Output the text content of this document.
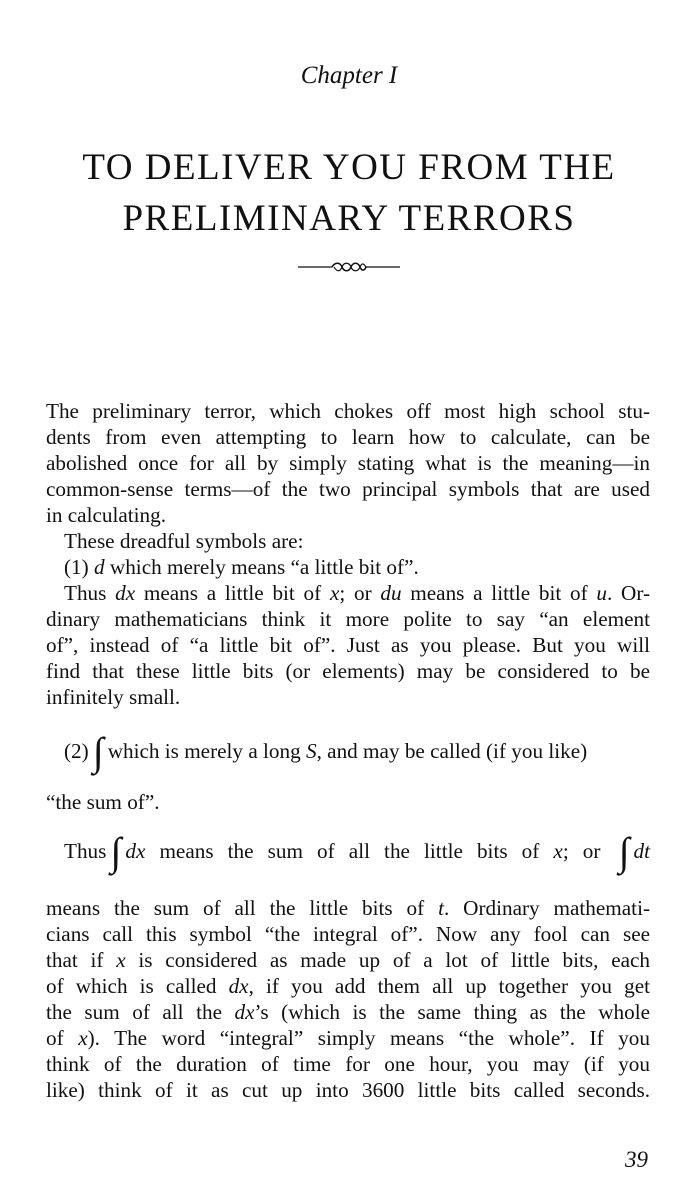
Chapter I
TO DELIVER YOU FROM THE
PRELIMINARY TERRORS
The preliminary terror, which chokes off most high school stu-
dents from even attempting to learn how to calculate, can be
abolished once for all by simply stating what is the meaning—in
common-sense terms—of the two principal symbols that are used
in calculating.
These dreadful symbols are:
(1) d which merely means “a little bit of”.
Thus dx means a little bit of x; or du means a little bit of u. Or-
dinary mathematicians think it more polite to say “an element
of”, instead of “a little bit of”. Just as you please. But you will
find that these little bits (or elements) may be considered to be
infinitely small.
(2) ∫ which is merely a long S, and may be called (if you like)
“the sum of”.
Thus ∫ dx means the sum of all the little bits of x; or ∫ dt
means the sum of all the little bits of t. Ordinary mathemati-
cians call this symbol “the integral of”. Now any fool can see
that if x is considered as made up of a lot of little bits, each
of which is called dx, if you add them all up together you get
the sum of all the dx’s (which is the same thing as the whole
of x). The word “integral” simply means “the whole”. If you
think of the duration of time for one hour, you may (if you
like) think of it as cut up into 3600 little bits called seconds.
39
